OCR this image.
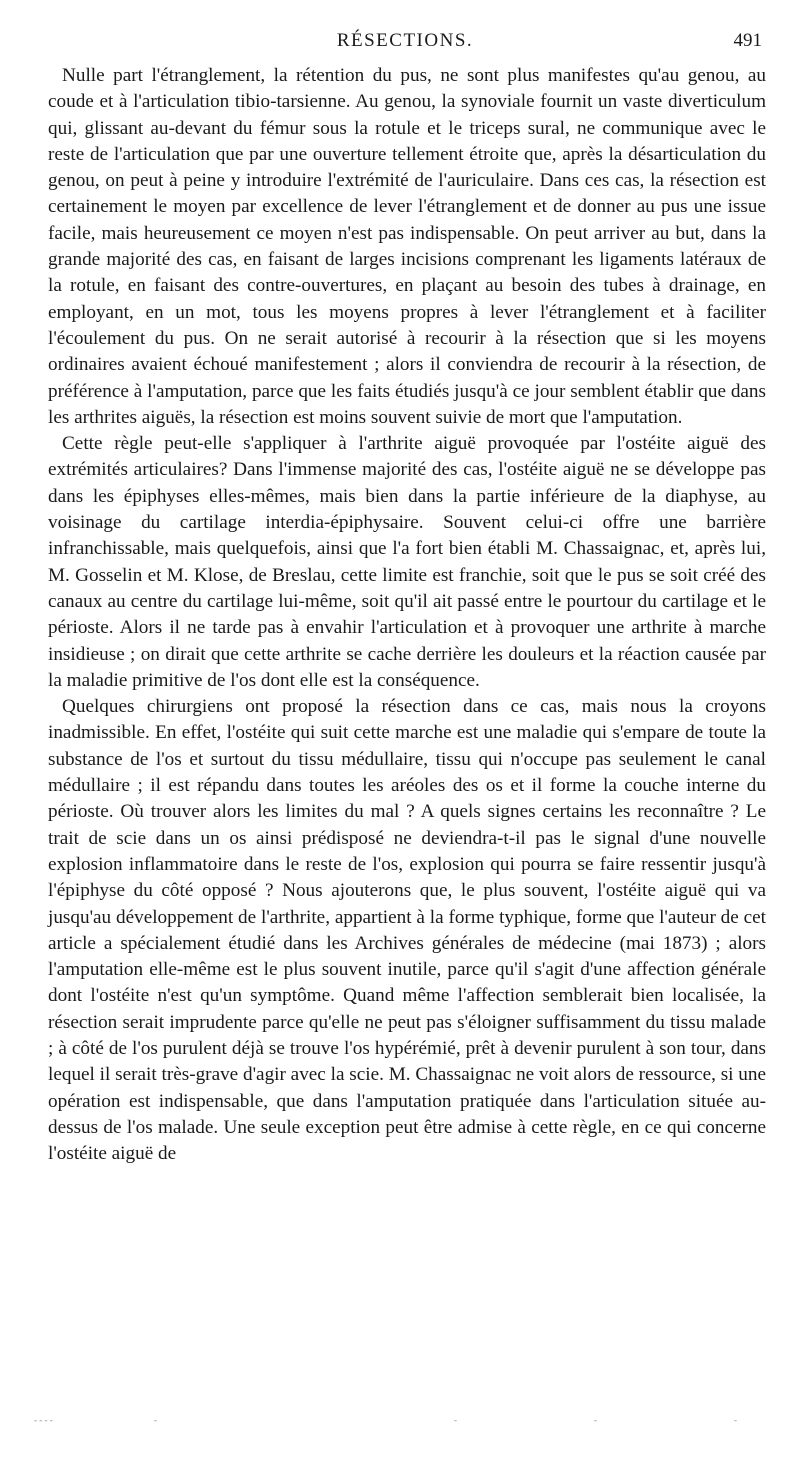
RÉSECTIONS.	491

Nulle part l'étranglement, la rétention du pus, ne sont plus manifestes qu'au genou, au coude et à l'articulation tibio-tarsienne. Au genou, la synoviale fournit un vaste diverticulum qui, glissant au-devant du fémur sous la rotule et le triceps sural, ne communique avec le reste de l'articulation que par une ouverture tellement étroite que, après la désarticulation du genou, on peut à peine y introduire l'extrémité de l'auriculaire. Dans ces cas, la résection est certainement le moyen par excellence de lever l'étranglement et de donner au pus une issue facile, mais heureusement ce moyen n'est pas indispensable. On peut arriver au but, dans la grande majorité des cas, en faisant de larges incisions comprenant les ligaments latéraux de la rotule, en faisant des contre-ouvertures, en plaçant au besoin des tubes à drainage, en employant, en un mot, tous les moyens propres à lever l'étranglement et à faciliter l'écoulement du pus. On ne serait autorisé à recourir à la résection que si les moyens ordinaires avaient échoué manifestement ; alors il conviendra de recourir à la résection, de préférence à l'amputation, parce que les faits étudiés jusqu'à ce jour semblent établir que dans les arthrites aiguës, la résection est moins souvent suivie de mort que l'amputation.

Cette règle peut-elle s'appliquer à l'arthrite aiguë provoquée par l'ostéite aiguë des extrémités articulaires? Dans l'immense majorité des cas, l'ostéite aiguë ne se développe pas dans les épiphyses elles-mêmes, mais bien dans la partie inférieure de la diaphyse, au voisinage du cartilage interdia-épiphysaire. Souvent celui-ci offre une barrière infranchissable, mais quelquefois, ainsi que l'a fort bien établi M. Chassaignac, et, après lui, M. Gosselin et M. Klose, de Breslau, cette limite est franchie, soit que le pus se soit créé des canaux au centre du cartilage lui-même, soit qu'il ait passé entre le pourtour du cartilage et le périoste. Alors il ne tarde pas à envahir l'articulation et à provoquer une arthrite à marche insidieuse ; on dirait que cette arthrite se cache derrière les douleurs et la réaction causée par la maladie primitive de l'os dont elle est la conséquence.

Quelques chirurgiens ont proposé la résection dans ce cas, mais nous la croyons inadmissible. En effet, l'ostéite qui suit cette marche est une maladie qui s'empare de toute la substance de l'os et surtout du tissu médullaire, tissu qui n'occupe pas seulement le canal médullaire ; il est répandu dans toutes les aréoles des os et il forme la couche interne du périoste. Où trouver alors les limites du mal ? A quels signes certains les reconnaître ? Le trait de scie dans un os ainsi prédisposé ne deviendra-t-il pas le signal d'une nouvelle explosion inflammatoire dans le reste de l'os, explosion qui pourra se faire ressentir jusqu'à l'épiphyse du côté opposé ? Nous ajouterons que, le plus souvent, l'ostéite aiguë qui va jusqu'au développement de l'arthrite, appartient à la forme typhique, forme que l'auteur de cet article a spécialement étudié dans les Archives générales de médecine (mai 1873) ; alors l'amputation elle-même est le plus souvent inutile, parce qu'il s'agit d'une affection générale dont l'ostéite n'est qu'un symptôme. Quand même l'affection semblerait bien localisée, la résection serait imprudente parce qu'elle ne peut pas s'éloigner suffisamment du tissu malade ; à côté de l'os purulent déjà se trouve l'os hypérémié, prêt à devenir purulent à son tour, dans lequel il serait très-grave d'agir avec la scie. M. Chassaignac ne voit alors de ressource, si une opération est indispensable, que dans l'amputation pratiquée dans l'articulation située au-dessus de l'os malade. Une seule exception peut être admise à cette règle, en ce qui concerne l'ostéite aiguë de

- - - -	-	-	-	-
